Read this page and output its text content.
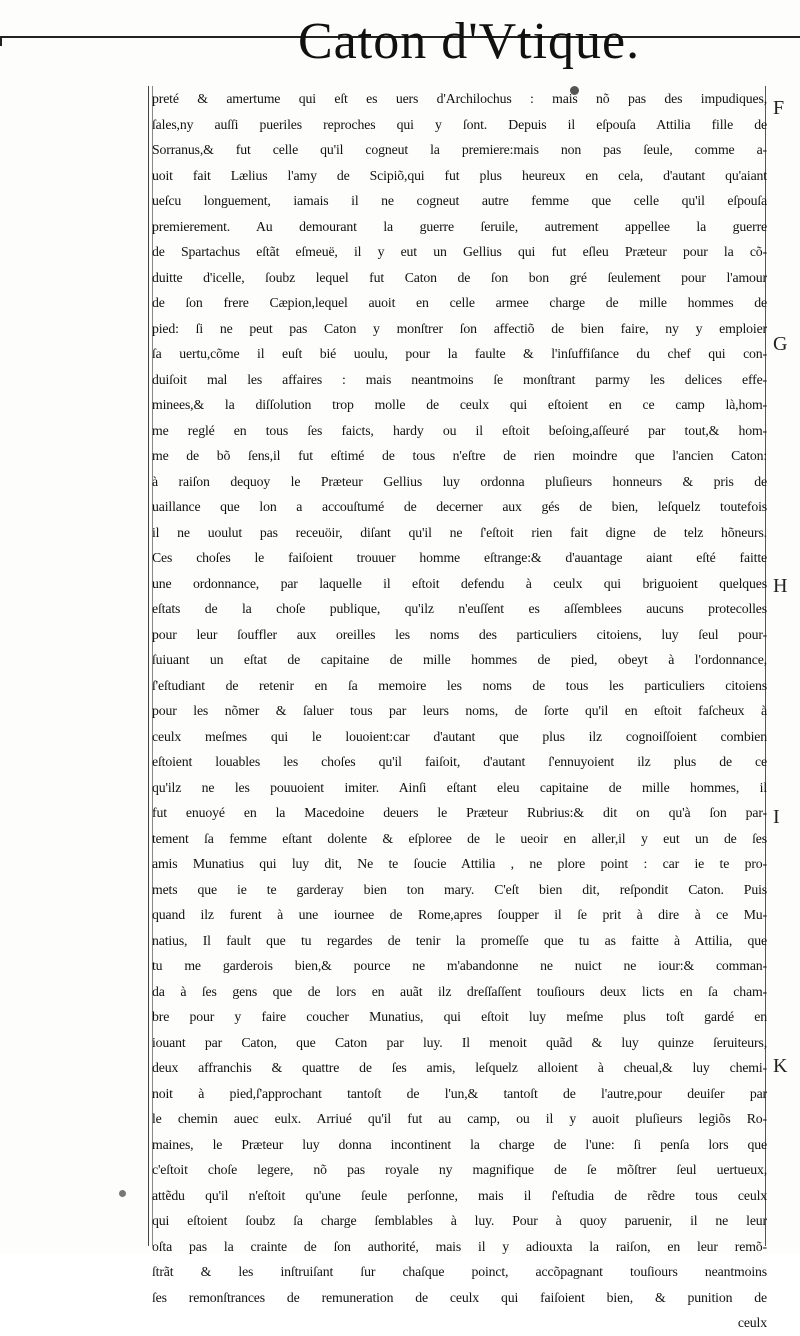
Caton d'Vtique.
preté & amertume qui eſt es uers d'Archilochus : mais nõ pas des impudiques,
ſales,ny auſſi pueriles reproches qui y ſont. Depuis il eſpouſa Attilia fille de
Sorranus,& fut celle qu'il cogneut la premiere:mais non pas ſeule, comme a-
uoit fait Lælius l'amy de Scipiõ,qui fut plus heureux en cela, d'autant qu'aiant
ueſcu longuement, iamais il ne cogneut autre femme que celle qu'il eſpouſa
premierement. Au demourant la guerre ſeruile, autrement appellee la guerre
de Spartachus eſtãt eſmeuë, il y eut un Gellius qui fut eſleu Præteur pour la cõ-
duitte d'icelle, ſoubz lequel fut Caton de ſon bon gré ſeulement pour l'amour
de ſon frere Cæpion,lequel auoit en celle armee charge de mille hommes de
pied: ſi ne peut pas Caton y monſtrer ſon affectiõ de bien faire, ny y emploier
ſa uertu,cõme il euſt bié uoulu, pour la faulte & l'inſuffiſance du chef qui con-
duiſoit mal les affaires : mais neantmoins ſe monſtrant parmy les delices effe-
minees,& la diſſolution trop molle de ceulx qui eſtoient en ce camp là,hom-
me reglé en tous ſes faicts, hardy ou il eſtoit beſoing,aſſeuré par tout,& hom-
me de bõ ſens,il fut eſtimé de tous n'eſtre de rien moindre que l'ancien Caton:
à raiſon dequoy le Præteur Gellius luy ordonna pluſieurs honneurs & pris de
uaillance que lon a accouſtumé de decerner aux gés de bien, leſquelz toutefois
il ne uoulut pas receuöir, diſant qu'il ne ſ'eſtoit rien fait digne de telz hõneurs.
Ces choſes le faiſoient trouuer homme eſtrange:& d'auantage aiant eſté faitte
une ordonnance, par laquelle il eſtoit defendu à ceulx qui briguoient quelques
eſtats de la choſe publique, qu'ilz n'euſſent es aſſemblees aucuns protecolles
pour leur ſouffler aux oreilles les noms des particuliers citoiens, luy ſeul pour-
ſuiuant un eſtat de capitaine de mille hommes de pied, obeyt à l'ordonnance,
ſ'eſtudiant de retenir en ſa memoire les noms de tous les particuliers citoiens
pour les nõmer & ſaluer tous par leurs noms, de ſorte qu'il en eſtoit faſcheux à
ceulx meſmes qui le louoient:car d'autant que plus ilz cognoiſſoient combien
eſtoient louables les choſes qu'il faiſoit, d'autant ſ'ennuyoient ilz plus de ce
qu'ilz ne les pouuoient imiter. Ainſi eſtant eleu capitaine de mille hommes, il
fut enuoyé en la Macedoine deuers le Præteur Rubrius:& dit on qu'à ſon par-
tement ſa femme eſtant dolente & eſploree de le ueoir en aller,il y eut un de ſes
amis Munatius qui luy dit, Ne te ſoucie Attilia , ne plore point : car ie te pro-
mets que ie te garderay bien ton mary. C'eſt bien dit, reſpondit Caton. Puis
quand ilz furent à une iournee de Rome,apres ſoupper il ſe prit à dire à ce Mu-
natius, Il fault que tu regardes de tenir la promeſſe que tu as faitte à Attilia, que
tu me garderois bien,& pource ne m'abandonne ne nuict ne iour:& comman-
da à ſes gens que de lors en auãt ilz dreſſaſſent touſiours deux licts en ſa cham-
bre pour y faire coucher Munatius, qui eſtoit luy meſme plus toſt gardé en
iouant par Caton, que Caton par luy. Il menoit quãd & luy quinze ſeruiteurs,
deux affranchis & quattre de ſes amis, leſquelz alloient à cheual,& luy chemi-
noit à pied,ſ'approchant tantoſt de l'un,& tantoſt de l'autre,pour deuiſer par
le chemin auec eulx. Arriué qu'il fut au camp, ou il y auoit pluſieurs legiõs Ro-
maines, le Præteur luy donna incontinent la charge de l'une: ſi penſa lors que
c'eſtoit choſe legere, nõ pas royale ny magnifique de ſe mõſtrer ſeul uertueux,
attẽdu qu'il n'eſtoit qu'une ſeule perſonne, mais il ſ'eſtudia de rẽdre tous ceulx
qui eſtoient ſoubz ſa charge ſemblables à luy. Pour à quoy paruenir, il ne leur
oſta pas la crainte de ſon authorité, mais il y adiouxta la raiſon, en leur remõ-
ſtrãt & les inſtruiſant ſur chaſque poinct, accõpagnant touſiours neantmoins
ſes remonſtrances de remuneration de ceulx qui faiſoient bien, & punition de
ceulx
F
G
H
I
K
